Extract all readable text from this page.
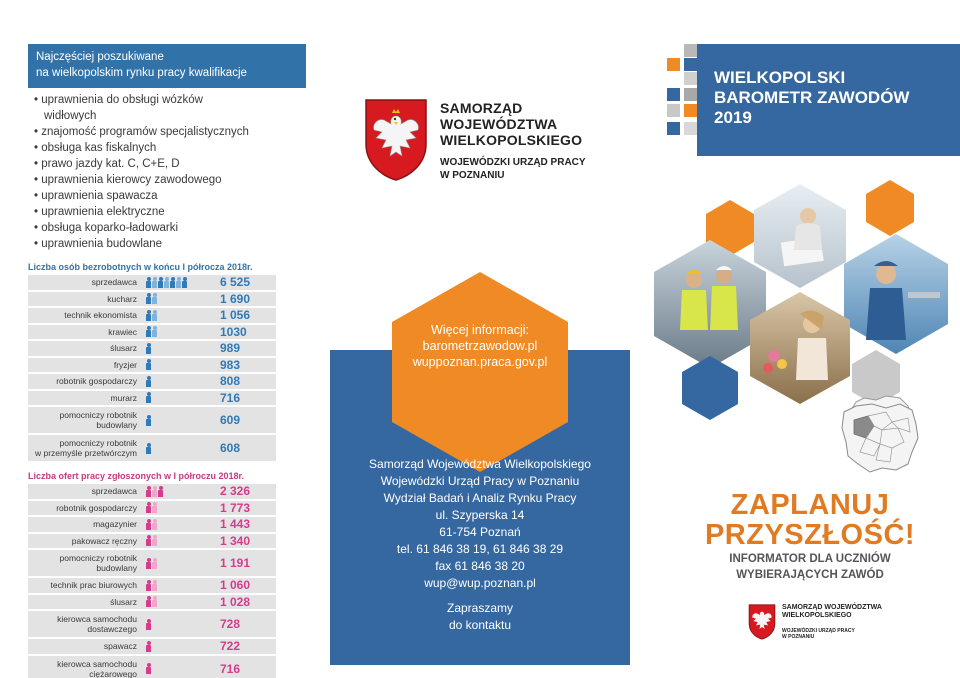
Najczęściej poszukiwane
na wielkopolskim rynku pracy kwalifikacje
• uprawnienia do obsługi wózków
widłowych
• znajomość programów specjalistycznych
• obsługa kas fiskalnych
• prawo jazdy kat. C, C+E, D
• uprawnienia kierowcy zawodowego
• uprawnienia spawacza
• uprawnienia elektryczne
• obsługa koparko-ładowarki
• uprawnienia budowlane
Liczba osób bezrobotnych w końcu I półrocza 2018r.
sprzedawca	6 525
kucharz	1 690
technik ekonomista	1 056
krawiec	1030
ślusarz	989
fryzjer	983
robotnik gospodarczy	808
murarz	716
pomocniczy robotnik
budowlany	609
pomocniczy robotnik
w przemyśle przetwórczym	608
Liczba ofert pracy zgłoszonych w I półroczu 2018r.
sprzedawca	2 326
robotnik gospodarczy	1 773
magazynier	1 443
pakowacz ręczny	1 340
pomocniczy robotnik
budowlany	1 191
technik prac biurowych	1 060
ślusarz	1 028
kierowca samochodu
dostawczego	728
spawacz	722
kierowca samochodu
ciężarowego	716
SAMORZĄD WOJEWÓDZTWA
WIELKOPOLSKIEGO
WOJEWÓDZKI URZĄD PRACY
W POZNANIU
Więcej informacji:
barometrzawodow.pl
wuppoznan.praca.gov.pl
Samorząd Województwa Wielkopolskiego
Wojewódzki Urząd Pracy w Poznaniu
Wydział Badań i Analiz Rynku Pracy
ul. Szyperska 14
61-754 Poznań
tel. 61 846 38 19, 61 846 38 29
fax 61 846 38 20
wup@wup.poznan.pl
Zapraszamy
do kontaktu
WIELKOPOLSKI
BAROMETR ZAWODÓW
2019
ZAPLANUJ
PRZYSZŁOŚĆ!
INFORMATOR DLA UCZNIÓW
WYBIERAJĄCYCH ZAWÓD
SAMORZĄD WOJEWÓDZTWA
WIELKOPOLSKIEGO
WOJEWÓDZKI URZĄD PRACY
W POZNANIU
